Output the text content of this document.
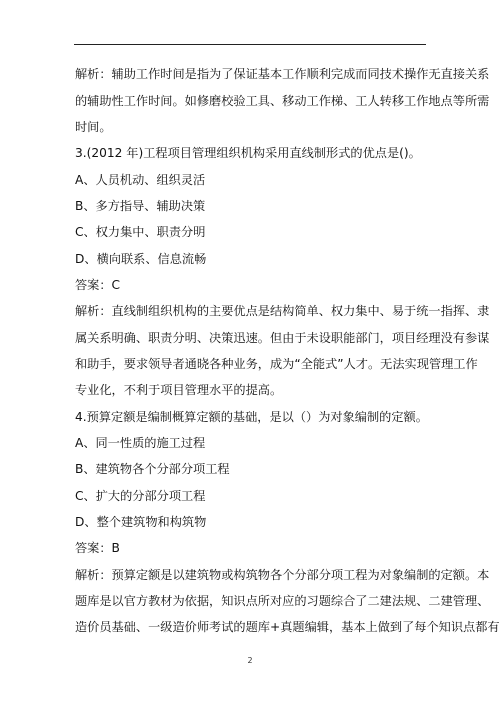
解析：辅助工作时间是指为了保证基本工作顺利完成而同技术操作无直接关系
的辅助性工作时间。如修磨校验工具、移动工作梯、工人转移工作地点等所需
时间。
3.(2012 年)工程项目管理组织机构采用直线制形式的优点是()。
A、人员机动、组织灵活
B、多方指导、辅助决策
C、权力集中、职责分明
D、横向联系、信息流畅
答案：C
解析：直线制组织机构的主要优点是结构简单、权力集中、易于统一指挥、隶
属关系明确、职责分明、决策迅速。但由于未设职能部门，项目经理没有参谋
和助手，要求领导者通晓各种业务，成为“全能式”人才。无法实现管理工作
专业化，不利于项目管理水平的提高。
4.预算定额是编制概算定额的基础，是以（）为对象编制的定额。
A、同一性质的施工过程
B、建筑物各个分部分项工程
C、扩大的分部分项工程
D、整个建筑物和构筑物
答案：B
解析：预算定额是以建筑物或构筑物各个分部分项工程为对象编制的定额。本
题库是以官方教材为依据，知识点所对应的习题综合了二建法规、二建管理、
造价员基础、一级造价师考试的题库+真题编辑，基本上做到了每个知识点都有
2
